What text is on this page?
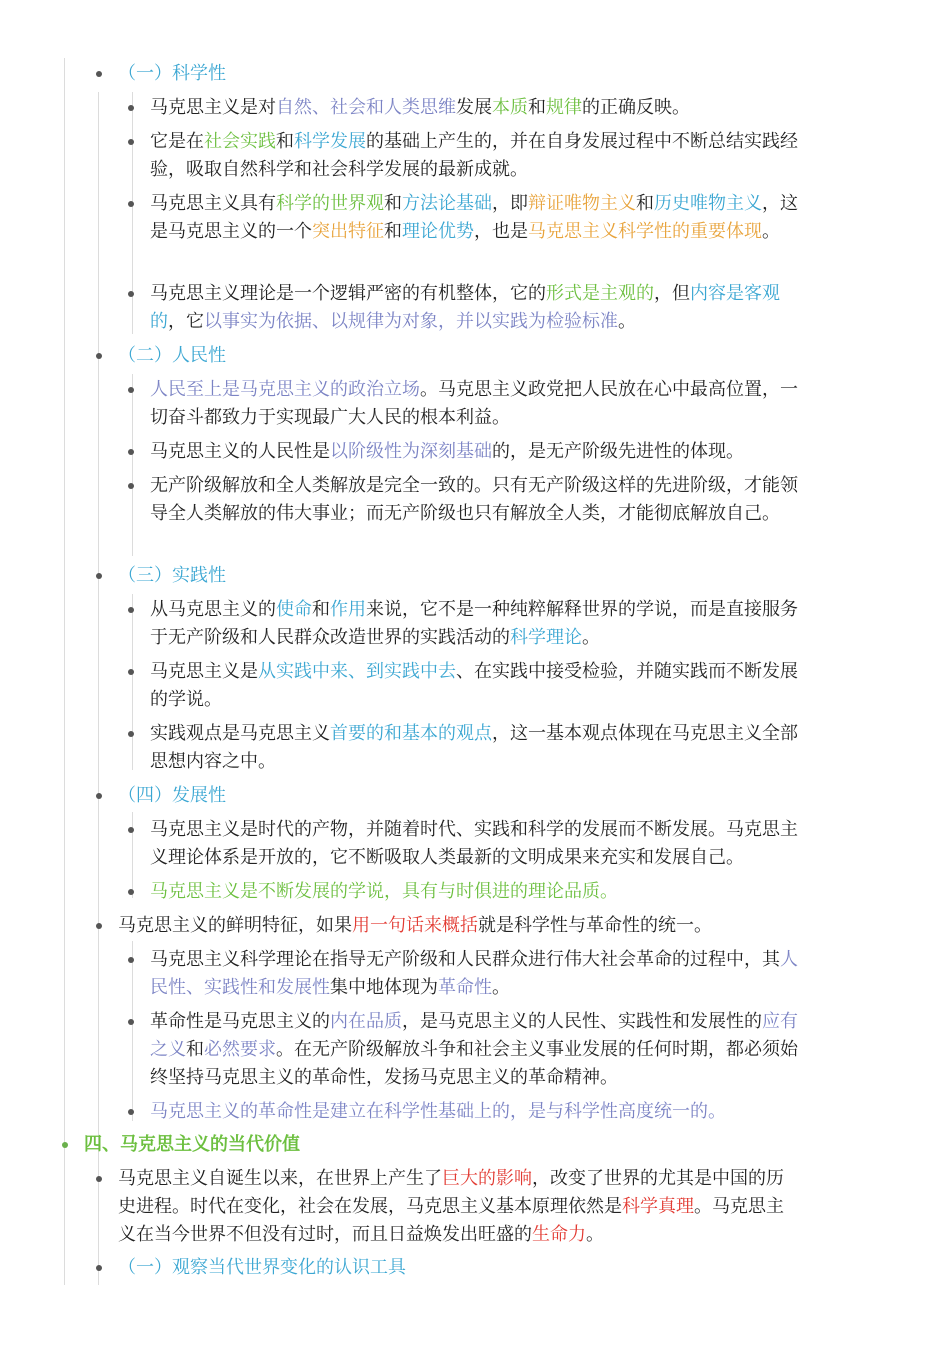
（一）科学性
马克思主义是对自然、社会和人类思维发展本质和规律的正确反映。
它是在社会实践和科学发展的基础上产生的，并在自身发展过程中不断总结实践经验，吸取自然科学和社会科学发展的最新成就。
马克思主义具有科学的世界观和方法论基础，即辩证唯物主义和历史唯物主义，这是马克思主义的一个突出特征和理论优势，也是马克思主义科学性的重要体现。
马克思主义理论是一个逻辑严密的有机整体，它的形式是主观的，但内容是客观的，它以事实为依据、以规律为对象，并以实践为检验标准。
（二）人民性
人民至上是马克思主义的政治立场。马克思主义政党把人民放在心中最高位置，一切奋斗都致力于实现最广大人民的根本利益。
马克思主义的人民性是以阶级性为深刻基础的，是无产阶级先进性的体现。
无产阶级解放和全人类解放是完全一致的。只有无产阶级这样的先进阶级，才能领导全人类解放的伟大事业；而无产阶级也只有解放全人类，才能彻底解放自己。
（三）实践性
从马克思主义的使命和作用来说，它不是一种纯粹解释世界的学说，而是直接服务于无产阶级和人民群众改造世界的实践活动的科学理论。
马克思主义是从实践中来、到实践中去、在实践中接受检验，并随实践而不断发展的学说。
实践观点是马克思主义首要的和基本的观点，这一基本观点体现在马克思主义全部思想内容之中。
（四）发展性
马克思主义是时代的产物，并随着时代、实践和科学的发展而不断发展。马克思主义理论体系是开放的，它不断吸取人类最新的文明成果来充实和发展自己。
马克思主义是不断发展的学说，具有与时俱进的理论品质。
马克思主义的鲜明特征，如果用一句话来概括就是科学性与革命性的统一。
马克思主义科学理论在指导无产阶级和人民群众进行伟大社会革命的过程中，其人民性、实践性和发展性集中地体现为革命性。
革命性是马克思主义的内在品质，是马克思主义的人民性、实践性和发展性的应有之义和必然要求。在无产阶级解放斗争和社会主义事业发展的任何时期，都必须始终坚持马克思主义的革命性，发扬马克思主义的革命精神。
马克思主义的革命性是建立在科学性基础上的，是与科学性高度统一的。
四、马克思主义的当代价值
马克思主义自诞生以来，在世界上产生了巨大的影响，改变了世界的尤其是中国的历史进程。时代在变化，社会在发展，马克思主义基本原理依然是科学真理。马克思主义在当今世界不但没有过时，而且日益焕发出旺盛的生命力。
（一）观察当代世界变化的认识工具
